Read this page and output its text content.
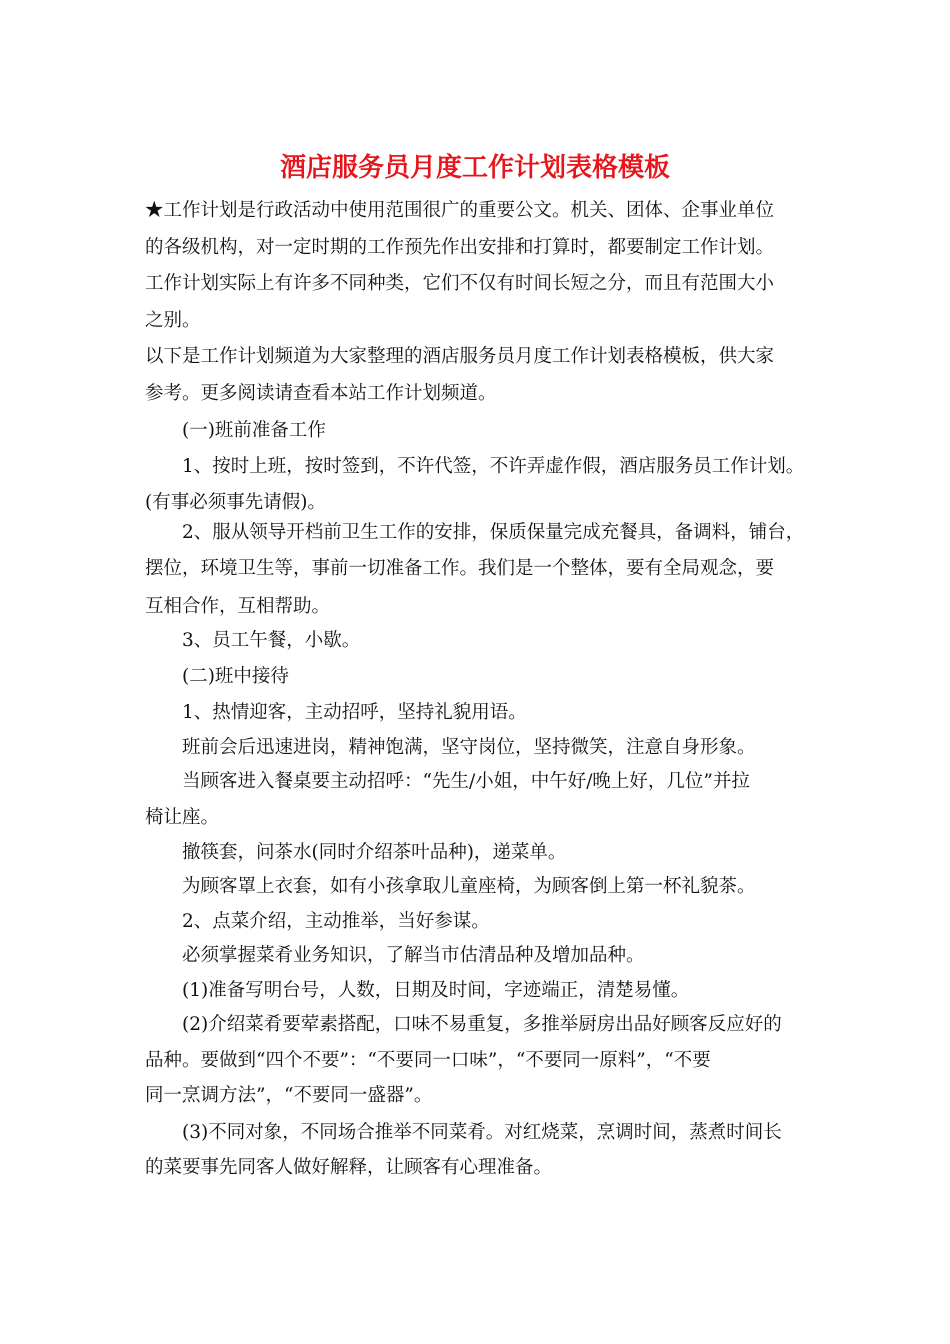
酒店服务员月度工作计划表格模板
★工作计划是行政活动中使用范围很广的重要公文。机关、团体、企事业单位
的各级机构，对一定时期的工作预先作出安排和打算时，都要制定工作计划。
工作计划实际上有许多不同种类，它们不仅有时间长短之分，而且有范围大小
之别。
以下是工作计划频道为大家整理的酒店服务员月度工作计划表格模板，供大家
参考。更多阅读请查看本站工作计划频道。
(一)班前准备工作
1、按时上班，按时签到，不许代签，不许弄虚作假，酒店服务员工作计划。
(有事必须事先请假)。
2、服从领导开档前卫生工作的安排，保质保量完成充餐具，备调料，铺台，
摆位，环境卫生等，事前一切准备工作。我们是一个整体，要有全局观念，要
互相合作，互相帮助。
3、员工午餐，小歇。
(二)班中接待
1、热情迎客，主动招呼，坚持礼貌用语。
班前会后迅速进岗，精神饱满，坚守岗位，坚持微笑，注意自身形象。
当顾客进入餐桌要主动招呼：“先生/小姐，中午好/晚上好，几位”并拉
椅让座。
撤筷套，问茶水(同时介绍茶叶品种)，递菜单。
为顾客罩上衣套，如有小孩拿取儿童座椅，为顾客倒上第一杯礼貌茶。
2、点菜介绍，主动推举，当好参谋。
必须掌握菜肴业务知识，了解当市估清品种及增加品种。
(1)准备写明台号，人数，日期及时间，字迹端正，清楚易懂。
(2)介绍菜肴要荤素搭配，口味不易重复，多推举厨房出品好顾客反应好的
品种。要做到“四个不要”：“不要同一口味”，“不要同一原料”，“不要
同一烹调方法”，“不要同一盛器”。
(3)不同对象，不同场合推举不同菜肴。对红烧菜，烹调时间，蒸煮时间长
的菜要事先同客人做好解释，让顾客有心理准备。
